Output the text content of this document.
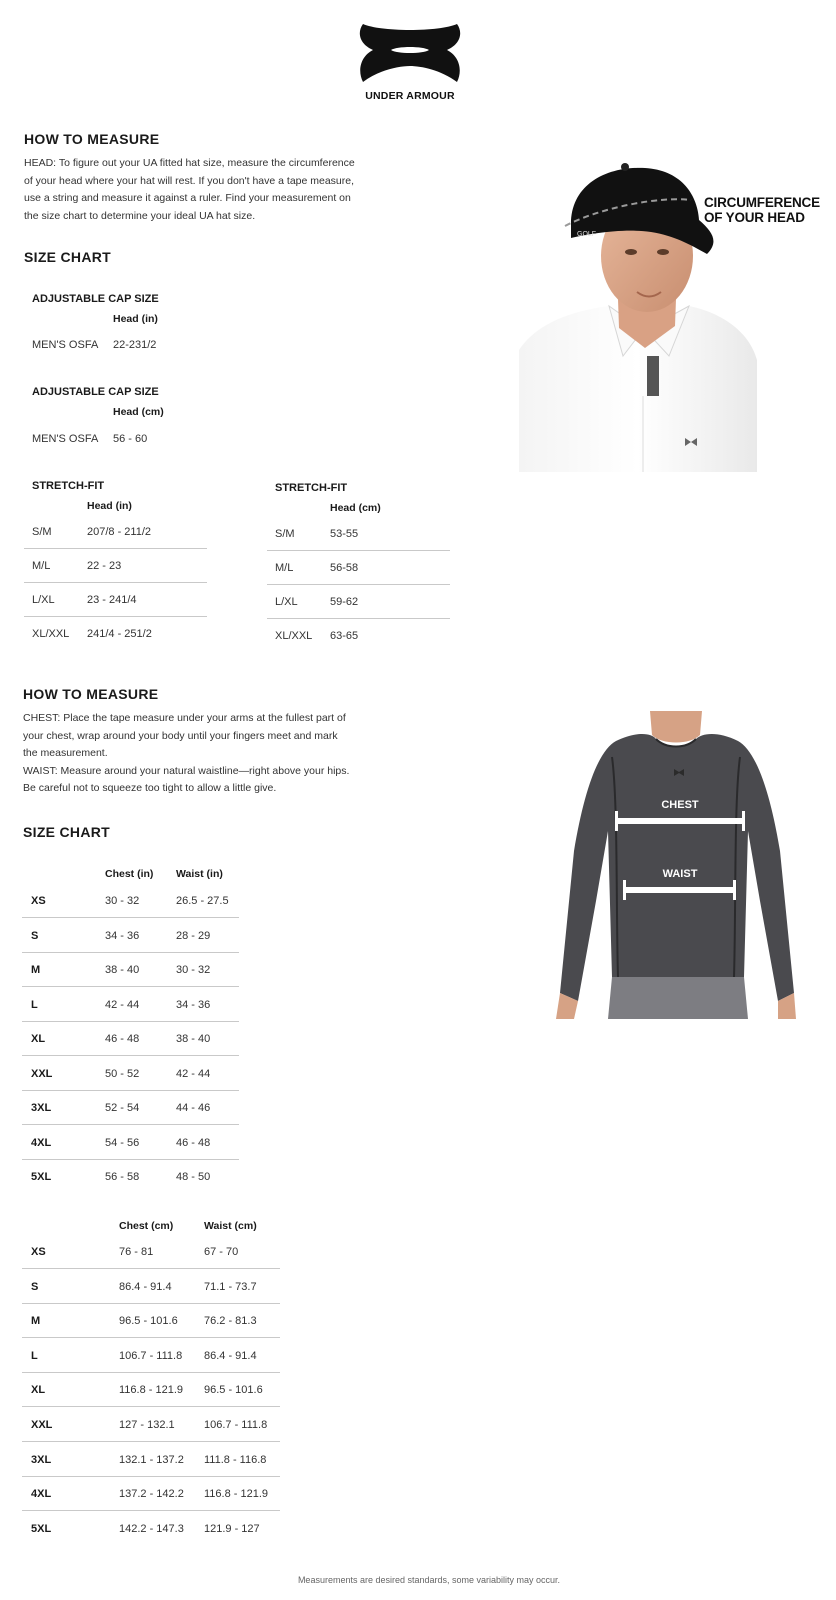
UNDER ARMOUR
HOW TO MEASURE

HEAD: To figure out your UA fitted hat size, measure the circumference
of your head where your hat will rest. If you don't have a tape measure,
use a string and measure it against a ruler. Find your measurement on
the size chart to determine your ideal UA hat size.

GOLF
CIRCUMFERENCE
OF YOUR HEAD
SIZE CHART
ADJUSTABLE CAP SIZE
Head (in)
MEN'S OSFA 22-231/2
ADJUSTABLE CAP SIZE
Head (cm)
MEN'S OSFA 56 - 60
STRETCH-FIT
Head (in)
S/M	207/8 - 211/2
M/L	22 - 23
L/XL	23 - 241/4
XL/XXL 241/4 - 251/2
STRETCH-FIT
Head (cm)
S/M	53-55
M/L	56-58
L/XL	59-62
XL/XXL 63-65
HOW TO MEASURE

CHEST: Place the tape measure under your arms at the fullest part of
your chest, wrap around your body until your fingers meet and mark
the measurement.
WAIST: Measure around your natural waistline—right above your hips.
Be careful not to squeeze too tight to allow a little give.

CHEST
WAIST
SIZE CHART
Chest (in) Waist (in)
XS	30 - 32	26.5 - 27.5
S	34 - 36	28 - 29
M	38 - 40	30 - 32
L	42 - 44	34 - 36
XL	46 - 48	38 - 40
XXL	50 - 52	42 - 44
3XL	52 - 54	44 - 46
4XL	54 - 56	46 - 48
5XL	56 - 58	48 - 50
Chest (cm)	Waist (cm)
XS	76 - 81	67 - 70
S	86.4 - 91.4	71.1 - 73.7
M	96.5 - 101.6 76.2 - 81.3
L	106.7 - 111.8 86.4 - 91.4
XL	116.8 - 121.9 96.5 - 101.6
XXL	127 - 132.1	106.7 - 111.8
3XL	132.1 - 137.2 111.8 - 116.8
4XL	137.2 - 142.2 116.8 - 121.9
5XL	142.2 - 147.3 121.9 - 127
Measurements are desired standards, some variability may occur.
